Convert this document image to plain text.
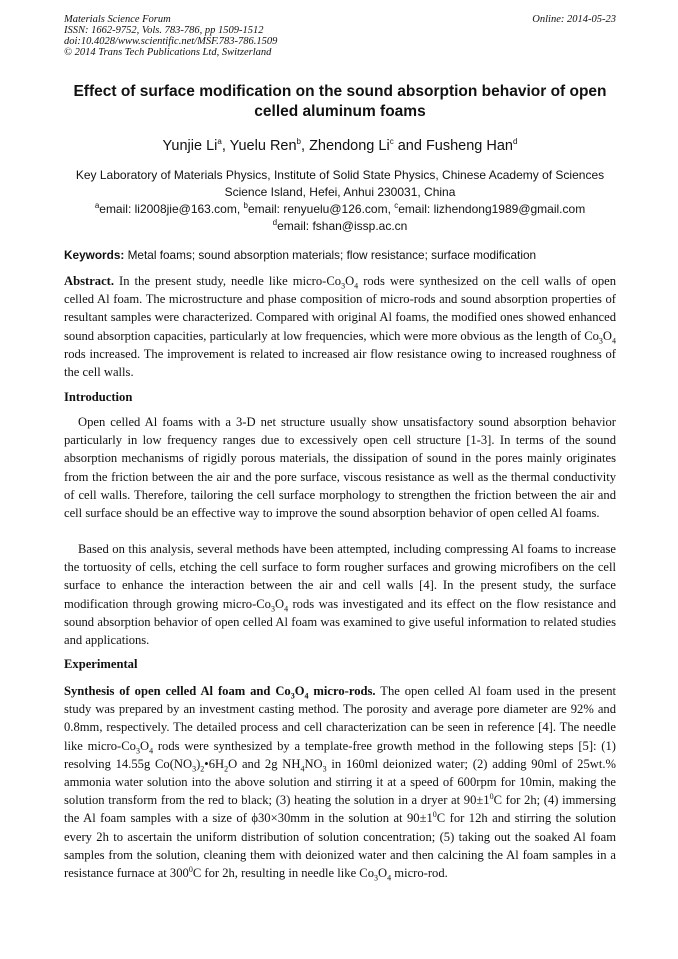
Materials Science Forum
ISSN: 1662-9752, Vols. 783-786, pp 1509-1512
doi:10.4028/www.scientific.net/MSF.783-786.1509
© 2014 Trans Tech Publications Ltd, Switzerland
Online: 2014-05-23
Effect of surface modification on the sound absorption behavior of open celled aluminum foams
Yunjie Li$^a$, Yuelu Ren$^b$, Zhendong Li$^c$ and Fusheng Han$^d$
Key Laboratory of Materials Physics, Institute of Solid State Physics, Chinese Academy of Sciences
Science Island, Hefei, Anhui 230031, China
$^a$email: li2008jie@163.com, $^b$email: renyuelu@126.com, $^c$email: lizhendong1989@gmail.com
$^d$email: fshan@issp.ac.cn
Keywords: Metal foams; sound absorption materials; flow resistance; surface modification
Abstract. In the present study, needle like micro-$Co_3O_4$ rods were synthesized on the cell walls of open celled Al foam. The microstructure and phase composition of micro-rods and sound absorption properties of resultant samples were characterized. Compared with original Al foams, the modified ones showed enhanced sound absorption capacities, particularly at low frequencies, which were more obvious as the length of $Co_3O_4$ rods increased. The improvement is related to increased air flow resistance owing to increased roughness of the cell walls.
Introduction
Open celled Al foams with a 3-D net structure usually show unsatisfactory sound absorption behavior particularly in low frequency ranges due to excessively open cell structure [1-3]. In terms of the sound absorption mechanisms of rigidly porous materials, the dissipation of sound in the pores mainly originates from the friction between the air and the pore surface, viscous resistance as well as the thermal conductivity of cell walls. Therefore, tailoring the cell surface morphology to strengthen the friction between the air and cell surface should be an effective way to improve the sound absorption behavior of open celled Al foams.
Based on this analysis, several methods have been attempted, including compressing Al foams to increase the tortuosity of cells, etching the cell surface to form rougher surfaces and growing microfibers on the cell surface to enhance the interaction between the air and cell walls [4]. In the present study, the surface modification through growing micro-$Co_3O_4$ rods was investigated and its effect on the flow resistance and sound absorption behavior of open celled Al foam was examined to give useful information to related studies and applications.
Experimental
Synthesis of open celled Al foam and $Co_3O_4$ micro-rods. The open celled Al foam used in the present study was prepared by an investment casting method. The porosity and average pore diameter are 92% and 0.8mm, respectively. The detailed process and cell characterization can be seen in reference [4]. The needle like micro-$Co_3O_4$ rods were synthesized by a template-free growth method in the following steps [5]: (1) resolving 14.55g $Co(NO_3)_2•6H_2O$ and 2g $NH_4NO_3$ in 160ml deionized water; (2) adding 90ml of 25wt.% ammonia water solution into the above solution and stirring it at a speed of 600rpm for 10min, making the solution transform from the red to black; (3) heating the solution in a dryer at $90\pm 1^0C$ for 2h; (4) immersing the Al foam samples with a size of ϕ30×30mm in the solution at $90\pm 1^0C$ for 12h and stirring the solution every 2h to ascertain the uniform distribution of solution concentration; (5) taking out the soaked Al foam samples from the solution, cleaning them with deionized water and then calcining the Al foam samples in a resistance furnace at $300^0C$ for 2h, resulting in needle like $Co_3O_4$ micro-rod.
